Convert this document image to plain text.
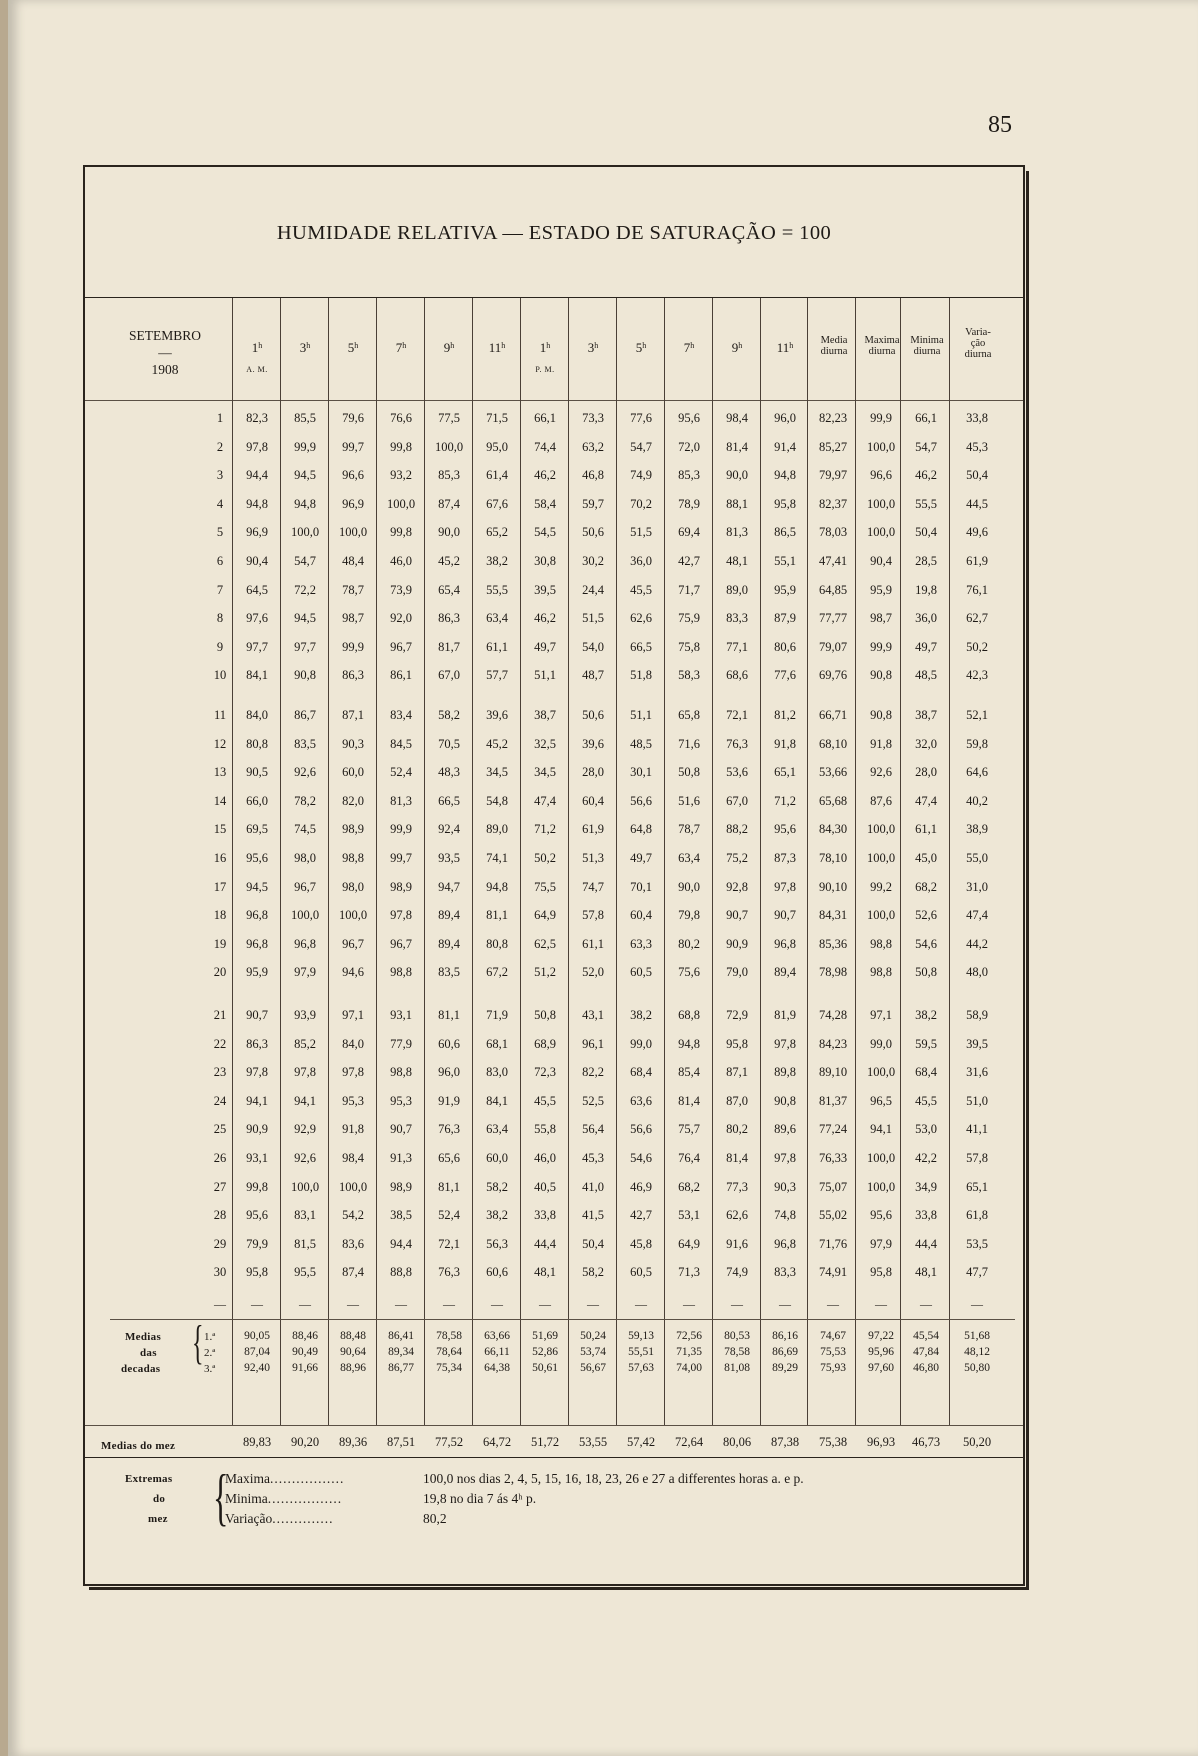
85
HUMIDADE RELATIVA — ESTADO DE SATURAÇÃO = 100
SETEMBRO
—
1908
1$^h$	3$^h$	5$^h$	7$^h$	9$^h$	11$^h$	1$^h$	3$^h$	5$^h$	7$^h$	9$^h$	11$^h$
A. M.	P. M.
Media
diurna
Maxima
diurna
Minima
diurna
Varia-
ção
diurna
1	82,3	85,5	79,6	76,6	77,5	71,5	66,1	73,3	77,6	95,6	98,4	96,0	82,23	99,9	66,1	33,8
2	97,8	99,9	99,7	99,8	100,0	95,0	74,4	63,2	54,7	72,0	81,4	91,4	85,27	100,0	54,7	45,3
3	94,4	94,5	96,6	93,2	85,3	61,4	46,2	46,8	74,9	85,3	90,0	94,8	79,97	96,6	46,2	50,4
4	94,8	94,8	96,9	100,0	87,4	67,6	58,4	59,7	70,2	78,9	88,1	95,8	82,37	100,0	55,5	44,5
5	96,9	100,0	100,0	99,8	90,0	65,2	54,5	50,6	51,5	69,4	81,3	86,5	78,03	100,0	50,4	49,6
6	90,4	54,7	48,4	46,0	45,2	38,2	30,8	30,2	36,0	42,7	48,1	55,1	47,41	90,4	28,5	61,9
7	64,5	72,2	78,7	73,9	65,4	55,5	39,5	24,4	45,5	71,7	89,0	95,9	64,85	95,9	19,8	76,1
8	97,6	94,5	98,7	92,0	86,3	63,4	46,2	51,5	62,6	75,9	83,3	87,9	77,77	98,7	36,0	62,7
9	97,7	97,7	99,9	96,7	81,7	61,1	49,7	54,0	66,5	75,8	77,1	80,6	79,07	99,9	49,7	50,2
10	84,1	90,8	86,3	86,1	67,0	57,7	51,1	48,7	51,8	58,3	68,6	77,6	69,76	90,8	48,5	42,3
11	84,0	86,7	87,1	83,4	58,2	39,6	38,7	50,6	51,1	65,8	72,1	81,2	66,71	90,8	38,7	52,1
12	80,8	83,5	90,3	84,5	70,5	45,2	32,5	39,6	48,5	71,6	76,3	91,8	68,10	91,8	32,0	59,8
13	90,5	92,6	60,0	52,4	48,3	34,5	34,5	28,0	30,1	50,8	53,6	65,1	53,66	92,6	28,0	64,6
14	66,0	78,2	82,0	81,3	66,5	54,8	47,4	60,4	56,6	51,6	67,0	71,2	65,68	87,6	47,4	40,2
15	69,5	74,5	98,9	99,9	92,4	89,0	71,2	61,9	64,8	78,7	88,2	95,6	84,30	100,0	61,1	38,9
16	95,6	98,0	98,8	99,7	93,5	74,1	50,2	51,3	49,7	63,4	75,2	87,3	78,10	100,0	45,0	55,0
17	94,5	96,7	98,0	98,9	94,7	94,8	75,5	74,7	70,1	90,0	92,8	97,8	90,10	99,2	68,2	31,0
18	96,8	100,0	100,0	97,8	89,4	81,1	64,9	57,8	60,4	79,8	90,7	90,7	84,31	100,0	52,6	47,4
19	96,8	96,8	96,7	96,7	89,4	80,8	62,5	61,1	63,3	80,2	90,9	96,8	85,36	98,8	54,6	44,2
20	95,9	97,9	94,6	98,8	83,5	67,2	51,2	52,0	60,5	75,6	79,0	89,4	78,98	98,8	50,8	48,0
21	90,7	93,9	97,1	93,1	81,1	71,9	50,8	43,1	38,2	68,8	72,9	81,9	74,28	97,1	38,2	58,9
22	86,3	85,2	84,0	77,9	60,6	68,1	68,9	96,1	99,0	94,8	95,8	97,8	84,23	99,0	59,5	39,5
23	97,8	97,8	97,8	98,8	96,0	83,0	72,3	82,2	68,4	85,4	87,1	89,8	89,10	100,0	68,4	31,6
24	94,1	94,1	95,3	95,3	91,9	84,1	45,5	52,5	63,6	81,4	87,0	90,8	81,37	96,5	45,5	51,0
25	90,9	92,9	91,8	90,7	76,3	63,4	55,8	56,4	56,6	75,7	80,2	89,6	77,24	94,1	53,0	41,1
26	93,1	92,6	98,4	91,3	65,6	60,0	46,0	45,3	54,6	76,4	81,4	97,8	76,33	100,0	42,2	57,8
27	99,8	100,0	100,0	98,9	81,1	58,2	40,5	41,0	46,9	68,2	77,3	90,3	75,07	100,0	34,9	65,1
28	95,6	83,1	54,2	38,5	52,4	38,2	33,8	41,5	42,7	53,1	62,6	74,8	55,02	95,6	33,8	61,8
29	79,9	81,5	83,6	94,4	72,1	56,3	44,4	50,4	45,8	64,9	91,6	96,8	71,76	97,9	44,4	53,5
30	95,8	95,5	87,4	88,8	76,3	60,6	48,1	58,2	60,5	71,3	74,9	83,3	74,91	95,8	48,1	47,7
—	—	—	—	—	—	—	—	—	—	—	—	—	—	—	—	—
Medias
das
decadas { 1.ª
2.ª
3.ª
90,05	88,46	88,48	86,41	78,58	63,66	51,69	50,24	59,13	72,56	80,53	86,16	74,67	97,22	45,54	51,68
87,04	90,49	90,64	89,34	78,64	66,11	52,86	53,74	55,51	71,35	78,58	86,69	75,53	95,96	47,84	48,12
92,40	91,66	88,96	86,77	75,34	64,38	50,61	56,67	57,63	74,00	81,08	89,29	75,93	97,60	46,80	50,80
Medias do mez	89,83	90,20	89,36	87,51	77,52	64,72	51,72	53,55	57,42	72,64	80,06	87,38	75,38	96,93	46,73	50,20
Extremas
do
mez {
Maxima.................	100,0 nos dias 2, 4, 5, 15, 16, 18, 23, 26 e 27 a differentes horas a. e p.
Minima.................	19,8 no dia 7 ás 4ʰ p.
Variação..............	80,2
